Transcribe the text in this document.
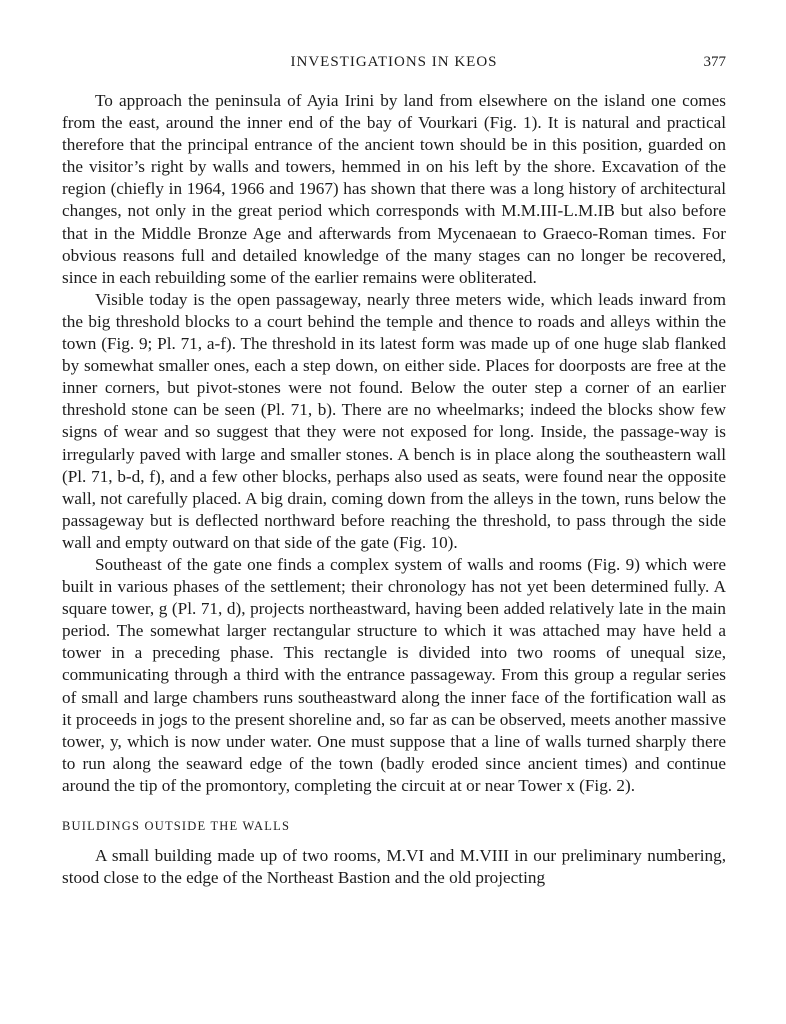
INVESTIGATIONS IN KEOS	377

To approach the peninsula of Ayia Irini by land from elsewhere on the island one comes from the east, around the inner end of the bay of Vourkari (Fig. 1). It is natural and practical therefore that the principal entrance of the ancient town should be in this position, guarded on the visitor’s right by walls and towers, hemmed in on his left by the shore. Excavation of the region (chiefly in 1964, 1966 and 1967) has shown that there was a long history of architectural changes, not only in the great period which corresponds with M.M.III-L.M.IB but also before that in the Middle Bronze Age and afterwards from Mycenaean to Graeco-Roman times. For obvious reasons full and detailed knowledge of the many stages can no longer be recovered, since in each rebuilding some of the earlier remains were obliterated.

Visible today is the open passageway, nearly three meters wide, which leads inward from the big threshold blocks to a court behind the temple and thence to roads and alleys within the town (Fig. 9; Pl. 71, a-f). The threshold in its latest form was made up of one huge slab flanked by somewhat smaller ones, each a step down, on either side. Places for doorposts are free at the inner corners, but pivot-stones were not found. Below the outer step a corner of an earlier threshold stone can be seen (Pl. 71, b). There are no wheelmarks; indeed the blocks show few signs of wear and so suggest that they were not exposed for long. Inside, the passage-way is irregularly paved with large and smaller stones. A bench is in place along the southeastern wall (Pl. 71, b-d, f), and a few other blocks, perhaps also used as seats, were found near the opposite wall, not carefully placed. A big drain, coming down from the alleys in the town, runs below the passageway but is deflected northward before reaching the threshold, to pass through the side wall and empty outward on that side of the gate (Fig. 10).

Southeast of the gate one finds a complex system of walls and rooms (Fig. 9) which were built in various phases of the settlement; their chronology has not yet been determined fully. A square tower, g (Pl. 71, d), projects northeastward, having been added relatively late in the main period. The somewhat larger rectangular structure to which it was attached may have held a tower in a preceding phase. This rectangle is divided into two rooms of unequal size, communicating through a third with the entrance passageway. From this group a regular series of small and large chambers runs southeastward along the inner face of the fortification wall as it proceeds in jogs to the present shoreline and, so far as can be observed, meets another massive tower, y, which is now under water. One must suppose that a line of walls turned sharply there to run along the seaward edge of the town (badly eroded since ancient times) and continue around the tip of the promontory, completing the circuit at or near Tower x (Fig. 2).

BUILDINGS OUTSIDE THE WALLS

A small building made up of two rooms, M.VI and M.VIII in our preliminary numbering, stood close to the edge of the Northeast Bastion and the old projecting
